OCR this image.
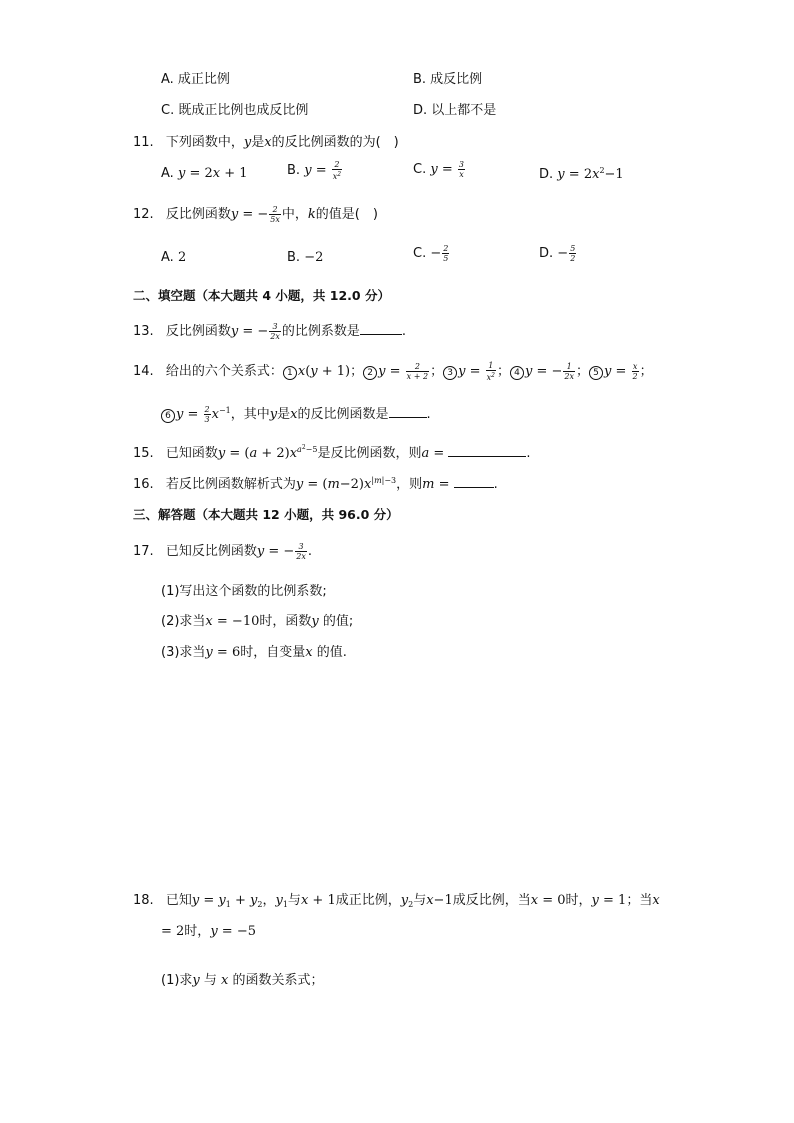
A. 成正比例	B. 成反比例
C. 既成正比例也成反比例	D. 以上都不是
11. 下列函数中，y是x的反比例函数的为(　)
A. y = 2x + 1	B. $y = \frac{2}{x^2}$	C. $y = \frac{3}{x}$	D. $y = 2x^2-1$
12. 反比例函数y = − $\frac{2}{5x}$ 中，k的值是(　)
A. 2	B. −2	C. − $\frac{2}{5}$	D. − $\frac{5}{2}$
二、填空题（本大题共 4 小题，共 12.0 分）
13. 反比例函数y = − $\frac{3}{2x}$ 的比例系数是	.
14. 给出的六个关系式： 1 x(y + 1)； 2 $y = \frac{2}{x + 2}$ ； 3 $y = \frac{1}{x^2}$ ； 4 y = − $\frac{1}{2x}$ ； 5 $y = \frac{x}{2}$ ；
6 $y = \frac{2}{3} x^{-1}$，其中y是x的反比例函数是	.
15. 已知函数$y = (a + 2)x^{a^2-5}$是反比例函数，则a =	.
16. 若反比例函数解析式为$y = (m-2)x^{|m|-3}$，则m =	.
三、解答题（本大题共 12 小题，共 96.0 分）
17. 已知反比例函数y = − $\frac{3}{2x}$ .
(1)写出这个函数的比例系数;
(2)求当x = −10时，函数y 的值;
(3)求当y = 6时，自变量x 的值.
18. 已知$y = y_1 + y_2$，$y_1$与x + 1成正比例，$y_2$与x−1成反比例，当x = 0时，y = 1；当x
= 2时，y = −5
(1)求y 与 x 的函数关系式；
